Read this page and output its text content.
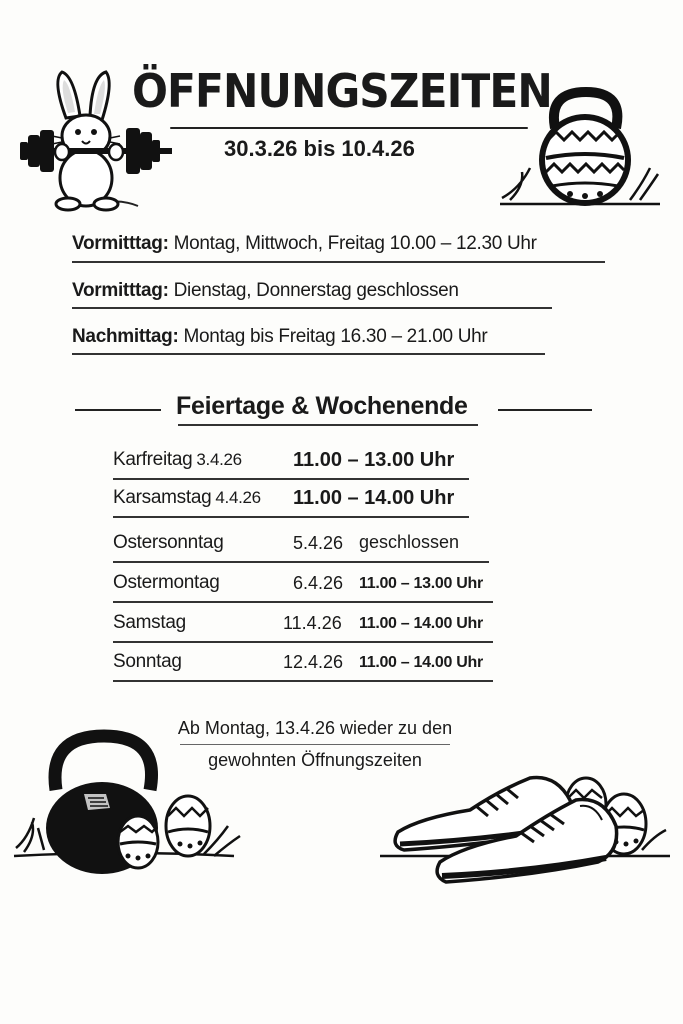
ÖFFNUNGSZEITEN
30.3.26 bis 10.4.26
Vormitttag: Montag, Mittwoch, Freitag 10.00 – 12.30 Uhr
Vormitttag: Dienstag, Donnerstag geschlossen
Nachmittag: Montag bis Freitag 16.30 – 21.00 Uhr
Feiertage & Wochenende
Karfreitag 3.4.26	11.00 – 13.00 Uhr
Karsamstag 4.4.26 11.00 – 14.00 Uhr
Ostersonntag	5.4.26 geschlossen
Ostermontag	6.4.26 11.00 – 13.00 Uhr
Samstag	11.4.26 11.00 – 14.00 Uhr
Sonntag	12.4.26 11.00 – 14.00 Uhr
Ab Montag, 13.4.26 wieder zu den
gewohnten Öffnungszeiten
